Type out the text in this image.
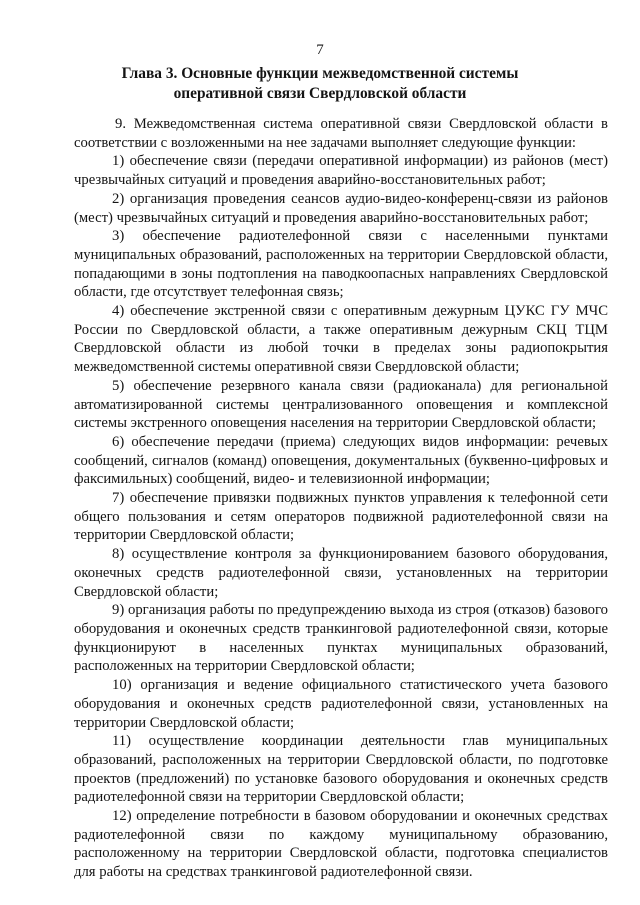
7
Глава 3. Основные функции межведомственной системы
оперативной связи Свердловской области

9. Межведомственная система оперативной связи Свердловской области в соответствии с возложенными на нее задачами выполняет следующие функции:

1) обеспечение связи (передачи оперативной информации) из районов (мест) чрезвычайных ситуаций и проведения аварийно-восстановительных работ;

2) организация проведения сеансов аудио-видео-конференц-связи из районов (мест) чрезвычайных ситуаций и проведения аварийно-восстановительных работ;

3) обеспечение радиотелефонной связи с населенными пунктами муниципальных образований, расположенных на территории Свердловской области, попадающими в зоны подтопления на паводкоопасных направлениях Свердловской области, где отсутствует телефонная связь;

4) обеспечение экстренной связи с оперативным дежурным ЦУКС ГУ МЧС России по Свердловской области, а также оперативным дежурным СКЦ ТЦМ Свердловской области из любой точки в пределах зоны радиопокрытия межведомственной системы оперативной связи Свердловской области;

5) обеспечение резервного канала связи (радиоканала) для региональной автоматизированной системы централизованного оповещения и комплексной системы экстренного оповещения населения на территории Свердловской области;

6) обеспечение передачи (приема) следующих видов информации: речевых сообщений, сигналов (команд) оповещения, документальных (буквенно-цифровых и факсимильных) сообщений, видео- и телевизионной информации;

7) обеспечение привязки подвижных пунктов управления к телефонной сети общего пользования и сетям операторов подвижной радиотелефонной связи на территории Свердловской области;

8) осуществление контроля за функционированием базового оборудования, оконечных средств радиотелефонной связи, установленных на территории Свердловской области;

9) организация работы по предупреждению выхода из строя (отказов) базового оборудования и оконечных средств транкинговой радиотелефонной связи, которые функционируют в населенных пунктах муниципальных образований, расположенных на территории Свердловской области;

10) организация и ведение официального статистического учета базового оборудования и оконечных средств радиотелефонной связи, установленных на территории Свердловской области;

11) осуществление координации деятельности глав муниципальных образований, расположенных на территории Свердловской области, по подготовке проектов (предложений) по установке базового оборудования и оконечных средств радиотелефонной связи на территории Свердловской области;

12) определение потребности в базовом оборудовании и оконечных средствах радиотелефонной связи по каждому муниципальному образованию, расположенному на территории Свердловской области, подготовка специалистов для работы на средствах транкинговой радиотелефонной связи.
